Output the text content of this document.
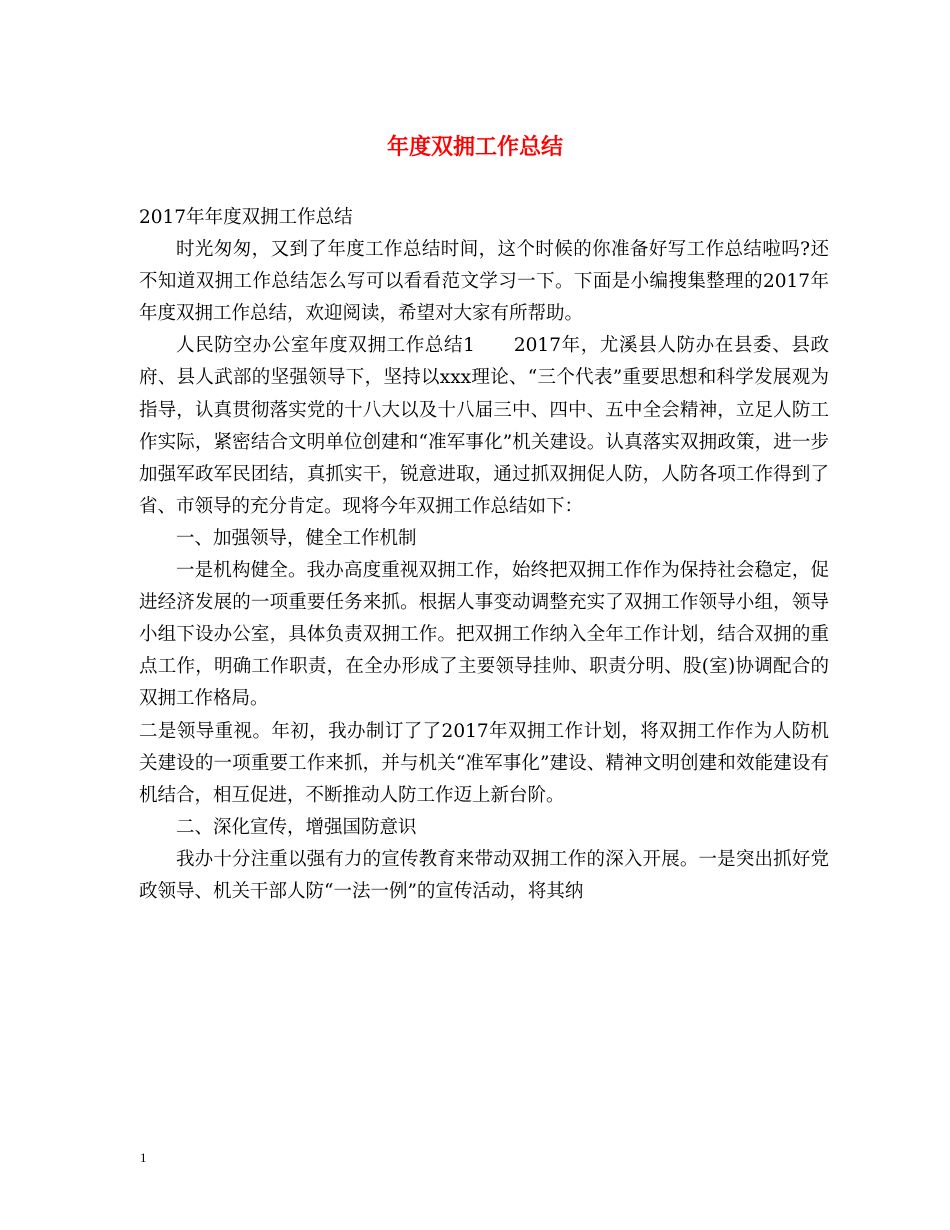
年度双拥工作总结

2017年年度双拥工作总结

时光匆匆，又到了年度工作总结时间，这个时候的你准备好写工作总结啦吗?还不知道双拥工作总结怎么写可以看看范文学习一下。下面是小编搜集整理的2017年年度双拥工作总结，欢迎阅读，希望对大家有所帮助。

人民防空办公室年度双拥工作总结1　　2017年，尤溪县人防办在县委、县政府、县人武部的坚强领导下，坚持以xxx理论、“三个代表”重要思想和科学发展观为指导，认真贯彻落实党的十八大以及十八届三中、四中、五中全会精神，立足人防工作实际，紧密结合文明单位创建和“准军事化”机关建设。认真落实双拥政策，进一步加强军政军民团结，真抓实干，锐意进取，通过抓双拥促人防，人防各项工作得到了省、市领导的充分肯定。现将今年双拥工作总结如下：

一、加强领导，健全工作机制

一是机构健全。我办高度重视双拥工作，始终把双拥工作作为保持社会稳定，促进经济发展的一项重要任务来抓。根据人事变动调整充实了双拥工作领导小组，领导小组下设办公室，具体负责双拥工作。把双拥工作纳入全年工作计划，结合双拥的重点工作，明确工作职责，在全办形成了主要领导挂帅、职责分明、股(室)协调配合的双拥工作格局。

二是领导重视。年初，我办制订了了2017年双拥工作计划，将双拥工作作为人防机关建设的一项重要工作来抓，并与机关“准军事化”建设、精神文明创建和效能建设有机结合，相互促进，不断推动人防工作迈上新台阶。

二、深化宣传，增强国防意识

我办十分注重以强有力的宣传教育来带动双拥工作的深入开展。一是突出抓好党政领导、机关干部人防“一法一例”的宣传活动，将其纳

1
